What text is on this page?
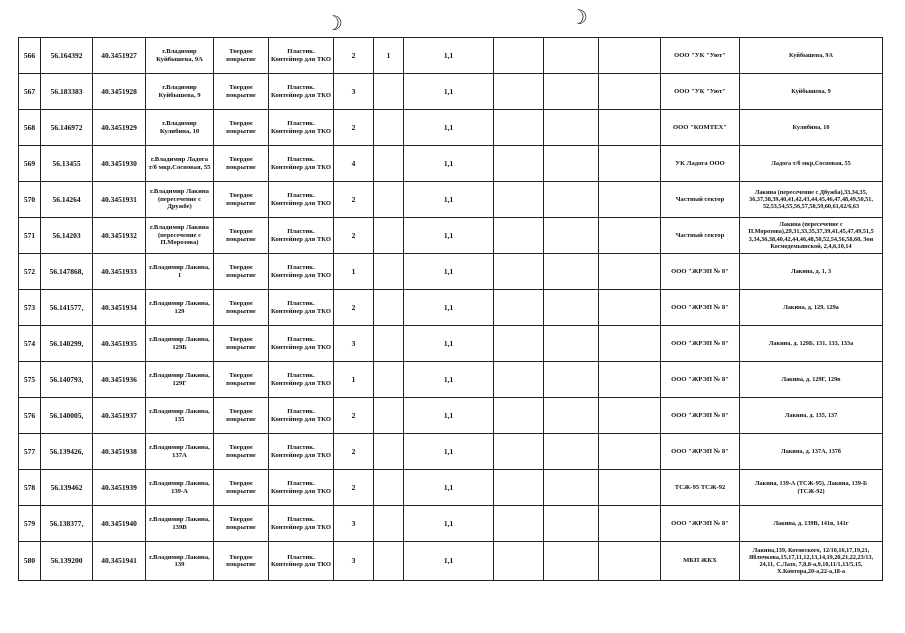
☽	☽
566	56.164392	40.3451927	г.Владимир Куйбышева, 9А	Твердое покрытие	Пластик. Контейнер для ТКО	2	1	1,1				ООО "УК "Уют"	Куйбышева, 9А
567	56.183383	40.3451928	г.Владимир Куйбышева, 9	Твердое покрытие	Пластик. Контейнер для ТКО	3		1,1				ООО "УК "Уют"	Куйбышева, 9
568	56.146972	40.3451929	г.Владимир Кулибина, 10	Твердое покрытие	Пластик. Контейнер для ТКО	2		1,1				ООО "КОМТЕХ"	Кулибина, 10
569	56.13455	40.3451930	г.Владимир Ладога т/б мкр,Сосновая, 55	Твердое покрытие	Пластик. Контейнер для ТКО	4		1,1				УК Ладога ООО	Ладога т/б мкр,Сосновая, 55
570	56.14264	40.3451931	г.Владимир Лакина (пересечение с Дружбе)	Твердое покрытие	Пластик. Контейнер для ТКО	2		1,1				Частный сектор	Лакина (пересечение с Дбужба),33,34,35, 36,37,38,39,40,41,42,43,44,45,46,47,48,49,50,51, 52,53,54,55,56,57,58,59,60,61,62/6,63
571	56.14203	40.3451932	г.Владимир Лакина (пересечение с П.Морозова)	Твердое покрытие	Пластик. Контейнер для ТКО	2		1,1				Частный сектор	Лакина (пересечение с П.Морозова),29,31,33,35,37,39,41,45,47,49,51,5 3,34,36,38,40,42,44,46,48,50,52,54,56,58,60, Зои Космодемьянской, 2,4,6,10,14
572	56.147868,	40.3451933	г.Владимир Лакина, 1	Твердое покрытие	Пластик. Контейнер для ТКО	1		1,1				ООО "ЖРЭП № 8"	Лакина, д. 1, 3
573	56.141577,	40.3451934	г.Владимир Лакина, 129	Твердое покрытие	Пластик. Контейнер для ТКО	2		1,1				ООО "ЖРЭП № 8"	Лакина, д. 129, 129а
574	56.140299,	40.3451935	г.Владимир Лакина, 129Б	Твердое покрытие	Пластик. Контейнер для ТКО	3		1,1				ООО "ЖРЭП № 8"	Лакина, д. 129Б, 131, 133, 133а
575	56.140793,	40.3451936	г.Владимир Лакина, 129Г	Твердое покрытие	Пластик. Контейнер для ТКО	1		1,1				ООО "ЖРЭП № 8"	Лакина, д. 129Г, 129в
576	56.140005,	40.3451937	г.Владимир Лакина, 135	Твердое покрытие	Пластик. Контейнер для ТКО	2		1,1				ООО "ЖРЭП № 8"	Лакина, д. 135, 137
577	56.139426,	40.3451938	г.Владимир Лакина, 137А	Твердое покрытие	Пластик. Контейнер для ТКО	2		1,1				ООО "ЖРЭП № 8"	Лакина, д. 137А, 137б
578	56.139462	40.3451939	г.Владимир Лакина, 139-А	Твердое покрытие	Пластик. Контейнер для ТКО	2		1,1				ТСЖ-95 ТСЖ-92	Лакина, 139-А (ТСЖ-95), Лакина, 139-Б (ТСЖ-92)
579	56.138377,	40.3451940	г.Владимир Лакина, 139В	Твердое покрытие	Пластик. Контейнер для ТКО	3		1,1				ООО "ЖРЭП № 8"	Лакина, д. 139В, 141в, 141г
580	56.139200	40.3451941	г.Владимир Лакина, 139	Твердое покрытие	Пластик. Контейнер для ТКО	3		1,1				МКП ЖКХ	Лакина,139, Котовского, 12/10,16,17,19,21, Яблочкова,15,17,11,12,13,14,19,20,21,22,23/13, 24,11, С.Лазо, 7,8,8-а,9,10,11/1,13/5,15, Х.Контора,20-а,22-а,18-а
